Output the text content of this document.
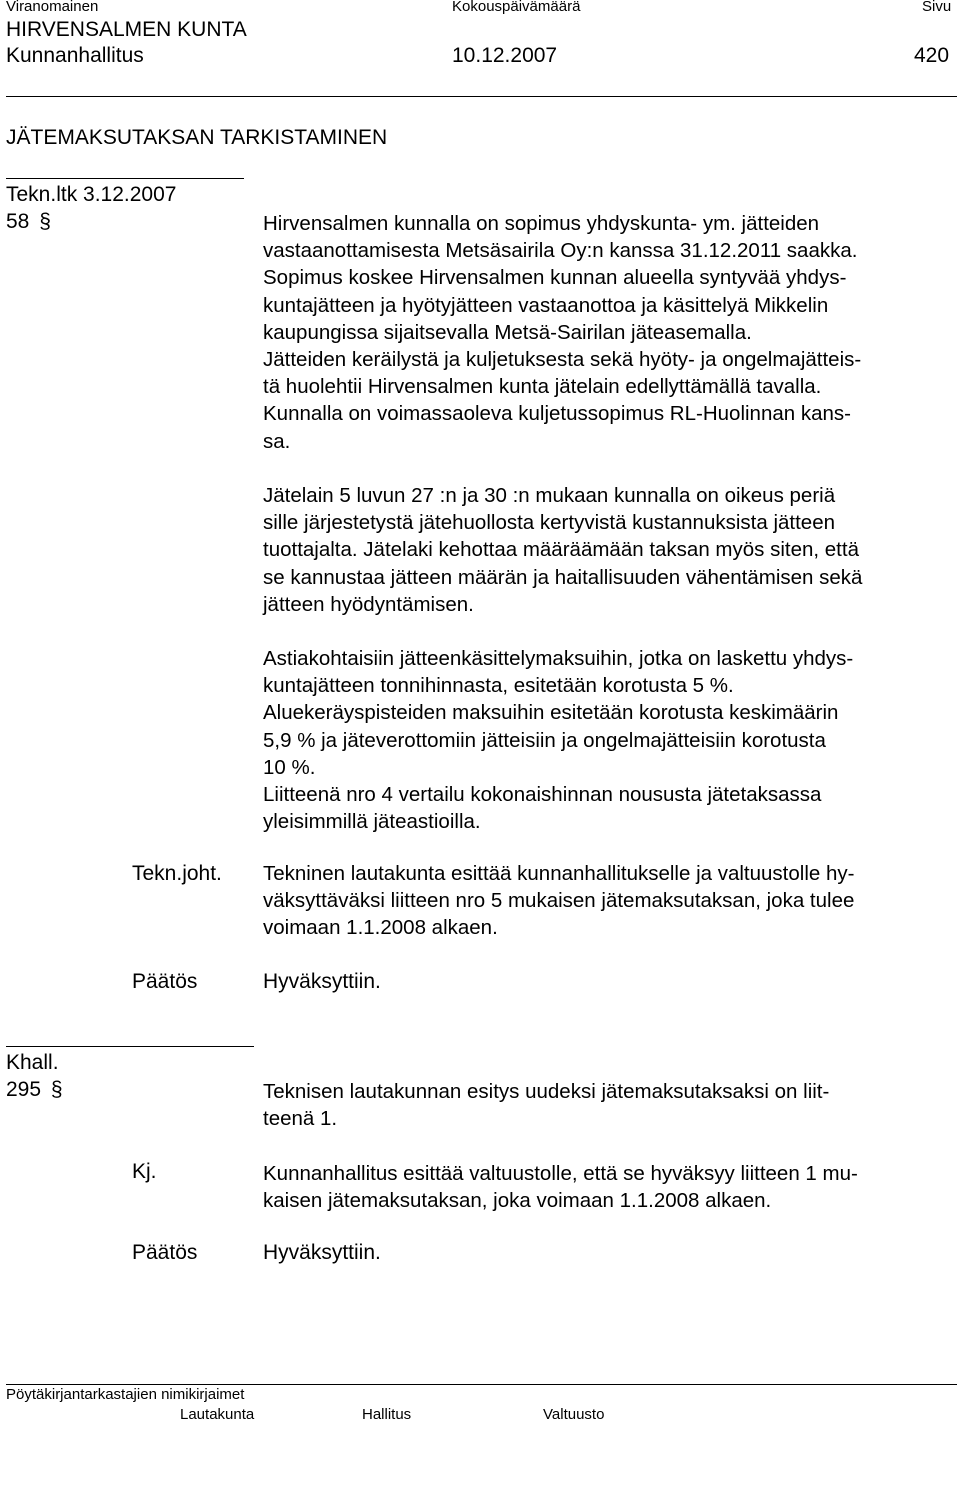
Viranomainen	Kokouspäivämäärä	Sivu
HIRVENSALMEN KUNTA
Kunnanhallitus	10.12.2007	420
JÄTEMAKSUTAKSAN TARKISTAMINEN
Tekn.ltk 3.12.2007
58 §	Hirvensalmen kunnalla on sopimus yhdyskunta- ym. jätteiden
vastaanottamisesta Metsäsairila Oy:n kanssa 31.12.2011 saakka.
Sopimus koskee Hirvensalmen kunnan alueella syntyvää yhdys-
kuntajätteen ja hyötyjätteen vastaanottoa ja käsittelyä Mikkelin
kaupungissa sijaitsevalla Metsä-Sairilan jäteasemalla.
Jätteiden keräilystä ja kuljetuksesta sekä hyöty- ja ongelmajätteis-
tä huolehtii Hirvensalmen kunta jätelain edellyttämällä tavalla.
Kunnalla on voimassaoleva kuljetussopimus RL-Huolinnan kans-
sa.
Jätelain 5 luvun 27 :n ja 30 :n mukaan kunnalla on oikeus periä
sille järjestetystä jätehuollosta kertyvistä kustannuksista jätteen
tuottajalta. Jätelaki kehottaa määräämään taksan myös siten, että
se kannustaa jätteen määrän ja haitallisuuden vähentämisen sekä
jätteen hyödyntämisen.
Astiakohtaisiin jätteenkäsittelymaksuihin, jotka on laskettu yhdys-
kuntajätteen tonnihinnasta, esitetään korotusta 5 %.
Aluekeräyspisteiden maksuihin esitetään korotusta keskimäärin
5,9 % ja jäteverottomiin jätteisiin ja ongelmajätteisiin korotusta
10 %.
Liitteenä nro 4 vertailu kokonaishinnan noususta jätetaksassa
yleisimmillä jäteastioilla.
Tekn.joht. Tekninen lautakunta esittää kunnanhallitukselle ja valtuustolle hy-
väksyttäväksi liitteen nro 5 mukaisen jätemaksutaksan, joka tulee
voimaan 1.1.2008 alkaen.
Päätös	Hyväksyttiin.
Khall.
295 §	Teknisen lautakunnan esitys uudeksi jätemaksutaksaksi on liit-
teenä 1.
Kj.	Kunnanhallitus esittää valtuustolle, että se hyväksyy liitteen 1 mu-
kaisen jätemaksutaksan, joka voimaan 1.1.2008 alkaen.
Päätös	Hyväksyttiin.
Pöytäkirjantarkastajien nimikirjaimet
Lautakunta	Hallitus	Valtuusto
